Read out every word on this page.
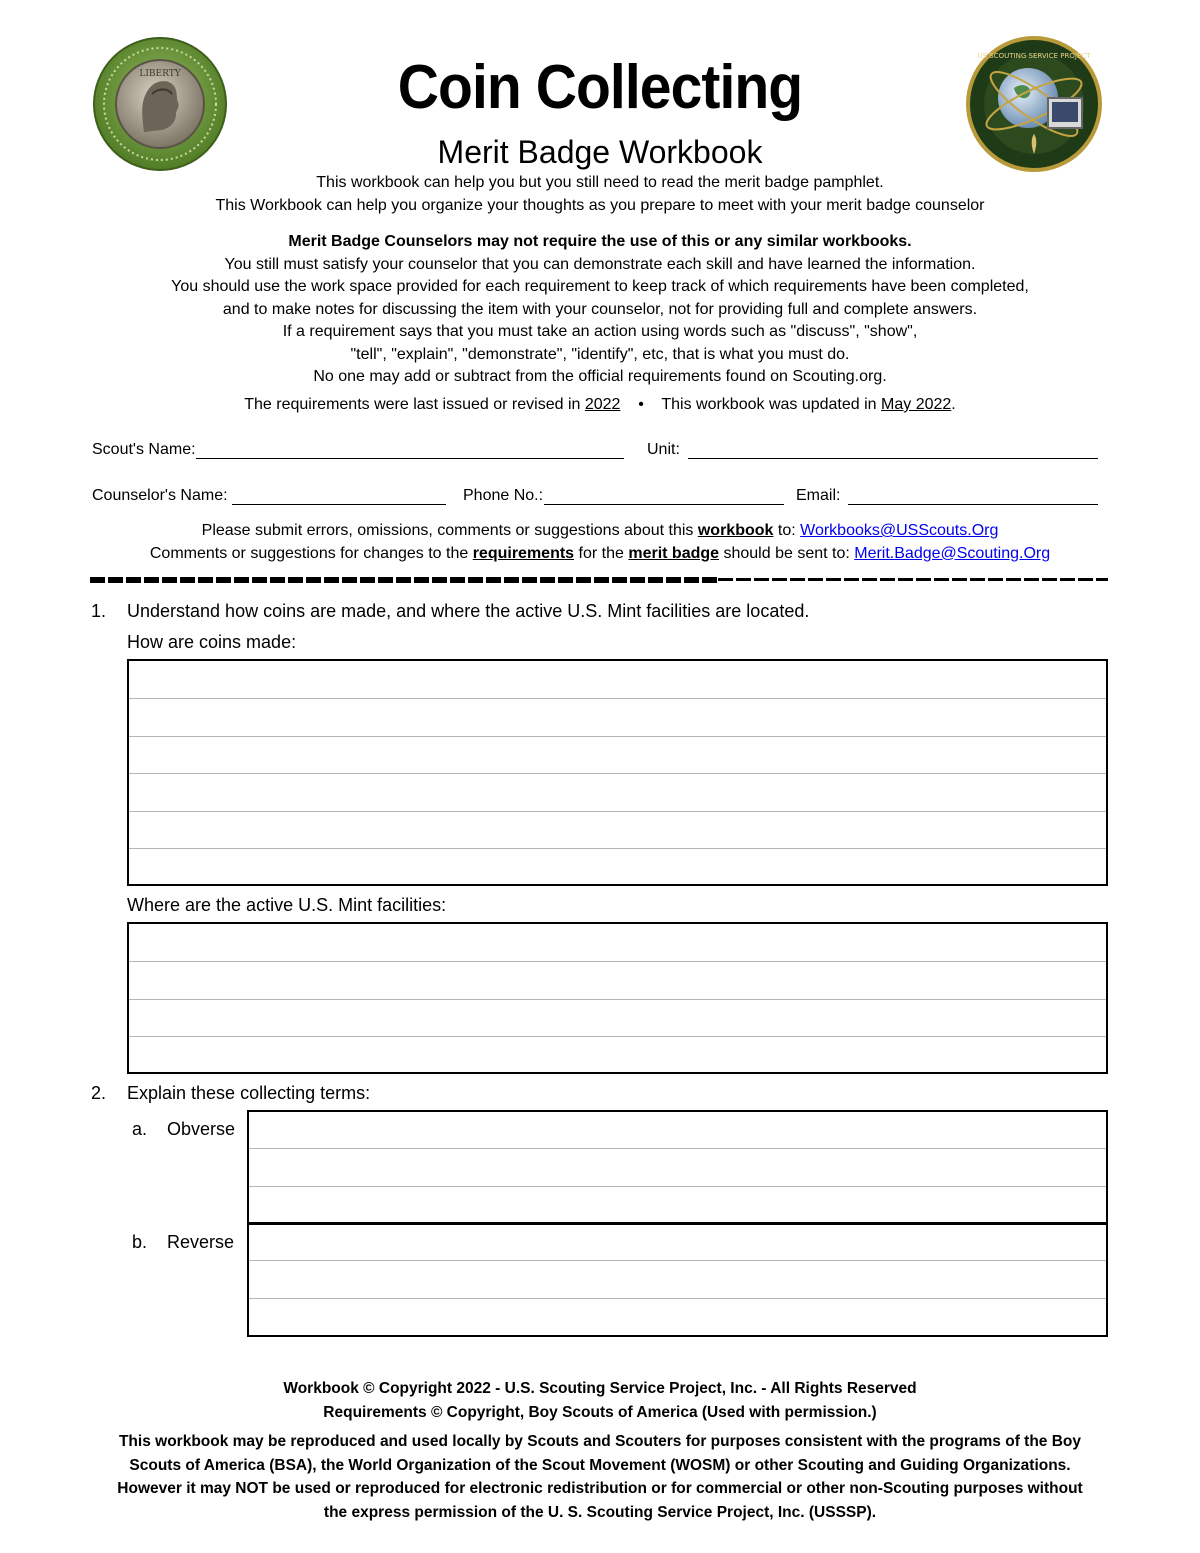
LIBERTY
US SCOUTING SERVICE PROJECT
Coin Collecting
Merit Badge Workbook
This workbook can help you but you still need to read the merit badge pamphlet.
This Workbook can help you organize your thoughts as you prepare to meet with your merit badge counselor
Merit Badge Counselors may not require the use of this or any similar workbooks.
You still must satisfy your counselor that you can demonstrate each skill and have learned the information.
You should use the work space provided for each requirement to keep track of which requirements have been completed,
and to make notes for discussing the item with your counselor, not for providing full and complete answers.
If a requirement says that you must take an action using words such as "discuss", "show",
"tell", "explain", "demonstrate", "identify", etc, that is what you must do.
No one may add or subtract from the official requirements found on Scouting.org.
The requirements were last issued or revised in 2022 • This workbook was updated in May 2022.
Scout's Name:	Unit:
Counselor's Name:	Phone No.:	Email:
Please submit errors, omissions, comments or suggestions about this workbook to: Workbooks@USScouts.Org
Comments or suggestions for changes to the requirements for the merit badge should be sent to: Merit.Badge@Scouting.Org
1. Understand how coins are made, and where the active U.S. Mint facilities are located.
How are coins made:
Where are the active U.S. Mint facilities:
2. Explain these collecting terms:
a. Obverse
b. Reverse
Workbook © Copyright 2022 - U.S. Scouting Service Project, Inc. - All Rights Reserved
Requirements © Copyright, Boy Scouts of America (Used with permission.)
This workbook may be reproduced and used locally by Scouts and Scouters for purposes consistent with the programs of the Boy
Scouts of America (BSA), the World Organization of the Scout Movement (WOSM) or other Scouting and Guiding Organizations.
However it may NOT be used or reproduced for electronic redistribution or for commercial or other non-Scouting purposes without
the express permission of the U. S. Scouting Service Project, Inc. (USSSP).
